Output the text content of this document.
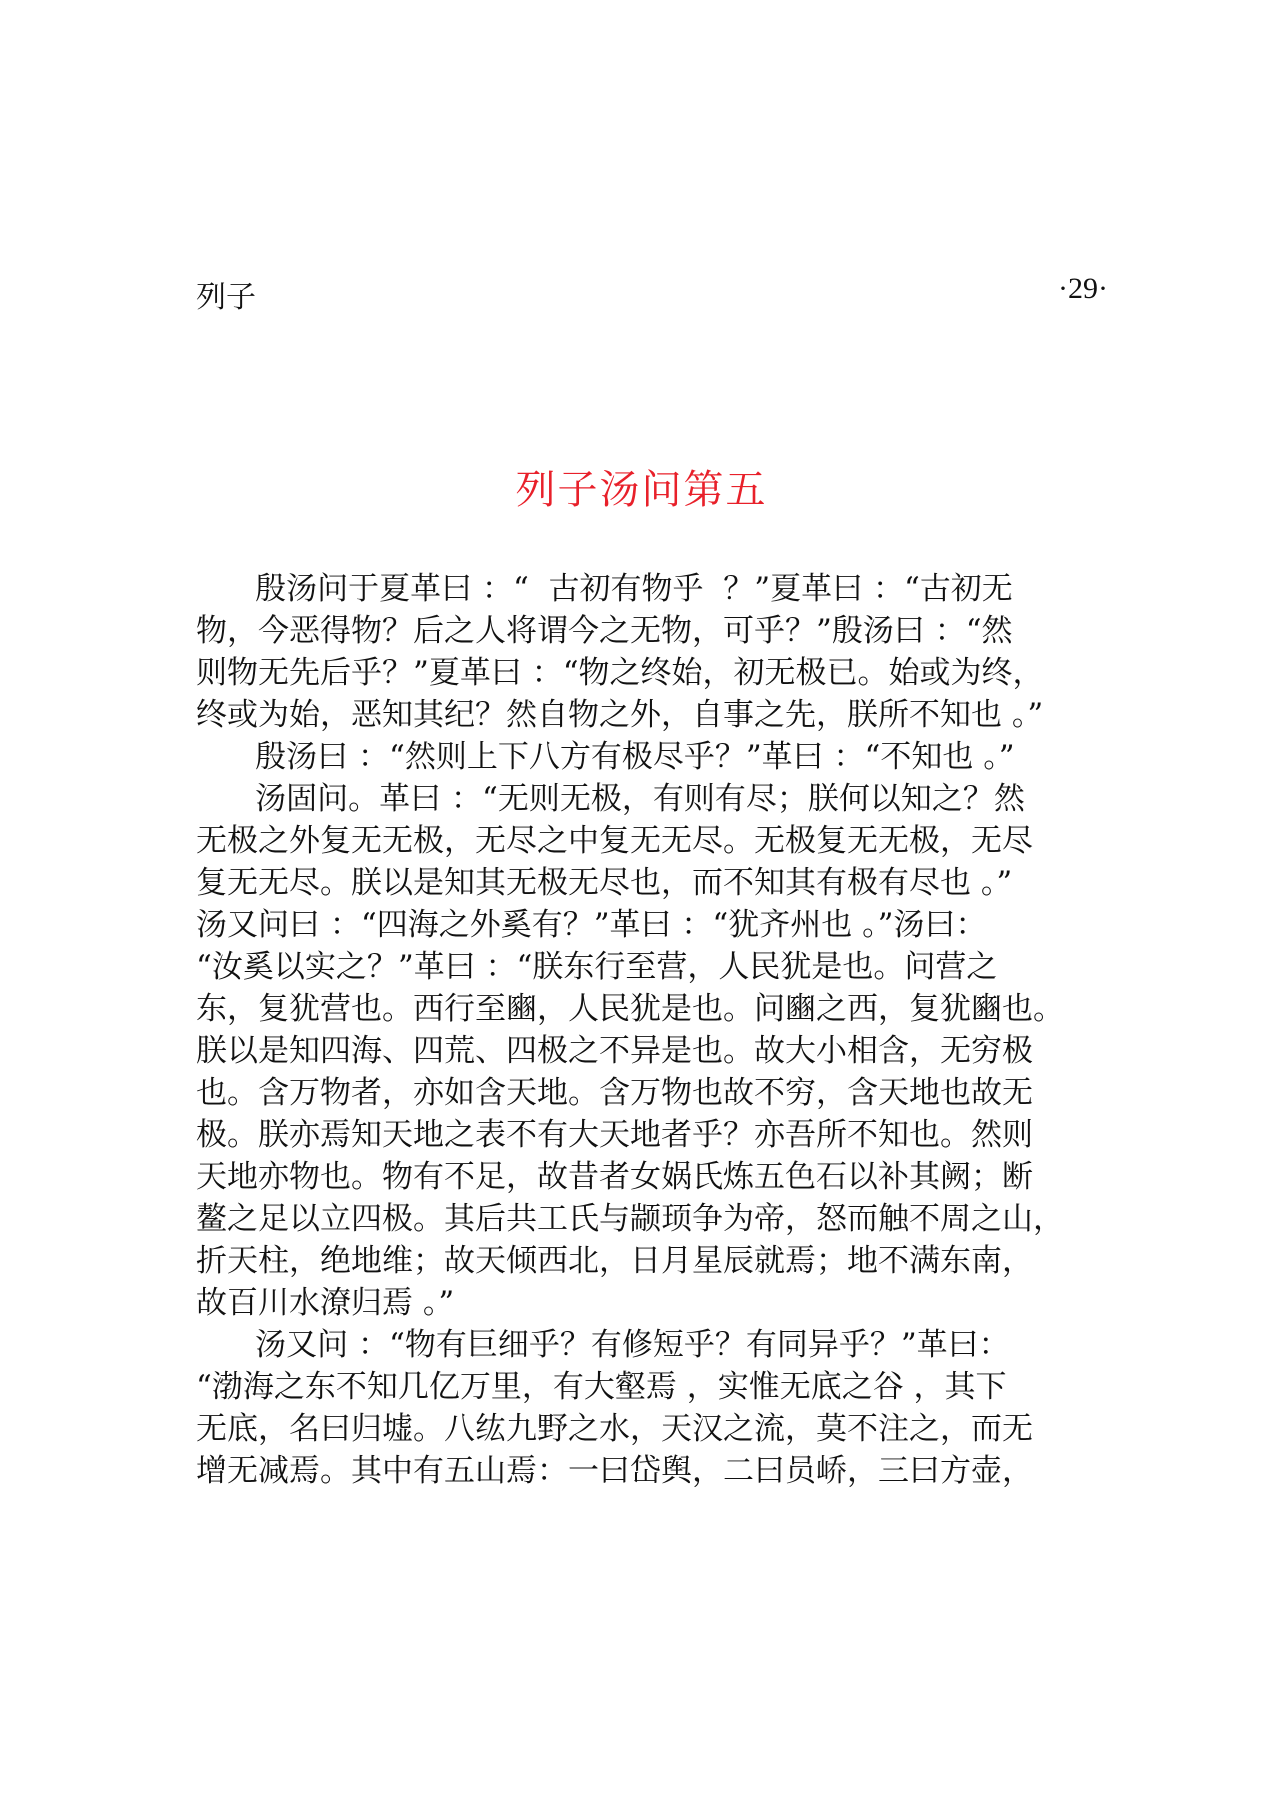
列子	·29·
列子汤问第五

殷汤问于夏革曰 ：“  古初有物乎  ？”夏革曰 ：“古初无

物，今恶得物？后之人将谓今之无物，可乎？”殷汤曰 ：“然

则物无先后乎？”夏革曰 ：“物之终始，初无极已。始或为终，

终或为始，恶知其纪？然自物之外，自事之先，朕所不知也 。”

殷汤曰 ：“然则上下八方有极尽乎？”革曰 ：“不知也 。”

汤固问。革曰 ：“无则无极，有则有尽；朕何以知之？然

无极之外复无无极，无尽之中复无无尽。无极复无无极，无尽

复无无尽。朕以是知其无极无尽也，而不知其有极有尽也 。”

汤又问曰 ：“四海之外奚有？”革曰 ：“犹齐州也 。”汤曰：

“汝奚以实之？”革曰 ：“朕东行至营，人民犹是也。问营之

东，复犹营也。西行至豳，人民犹是也。问豳之西，复犹豳也。

朕以是知四海、四荒、四极之不异是也。故大小相含，无穷极

也。含万物者，亦如含天地。含万物也故不穷，含天地也故无

极。朕亦焉知天地之表不有大天地者乎？亦吾所不知也。然则

天地亦物也。物有不足，故昔者女娲氏炼五色石以补其阙；断

鳌之足以立四极。其后共工氏与颛顼争为帝，怒而触不周之山，

折天柱，绝地维；故天倾西北，日月星辰就焉；地不满东南，

故百川水潦归焉 。”

汤又问 ：“物有巨细乎？有修短乎？有同异乎？”革曰：

“渤海之东不知几亿万里，有大壑焉 ，实惟无底之谷 ，其下

无底，名曰归墟。八纮九野之水，天汉之流，莫不注之，而无

增无减焉。其中有五山焉：一曰岱舆，二曰员峤，三曰方壶，
